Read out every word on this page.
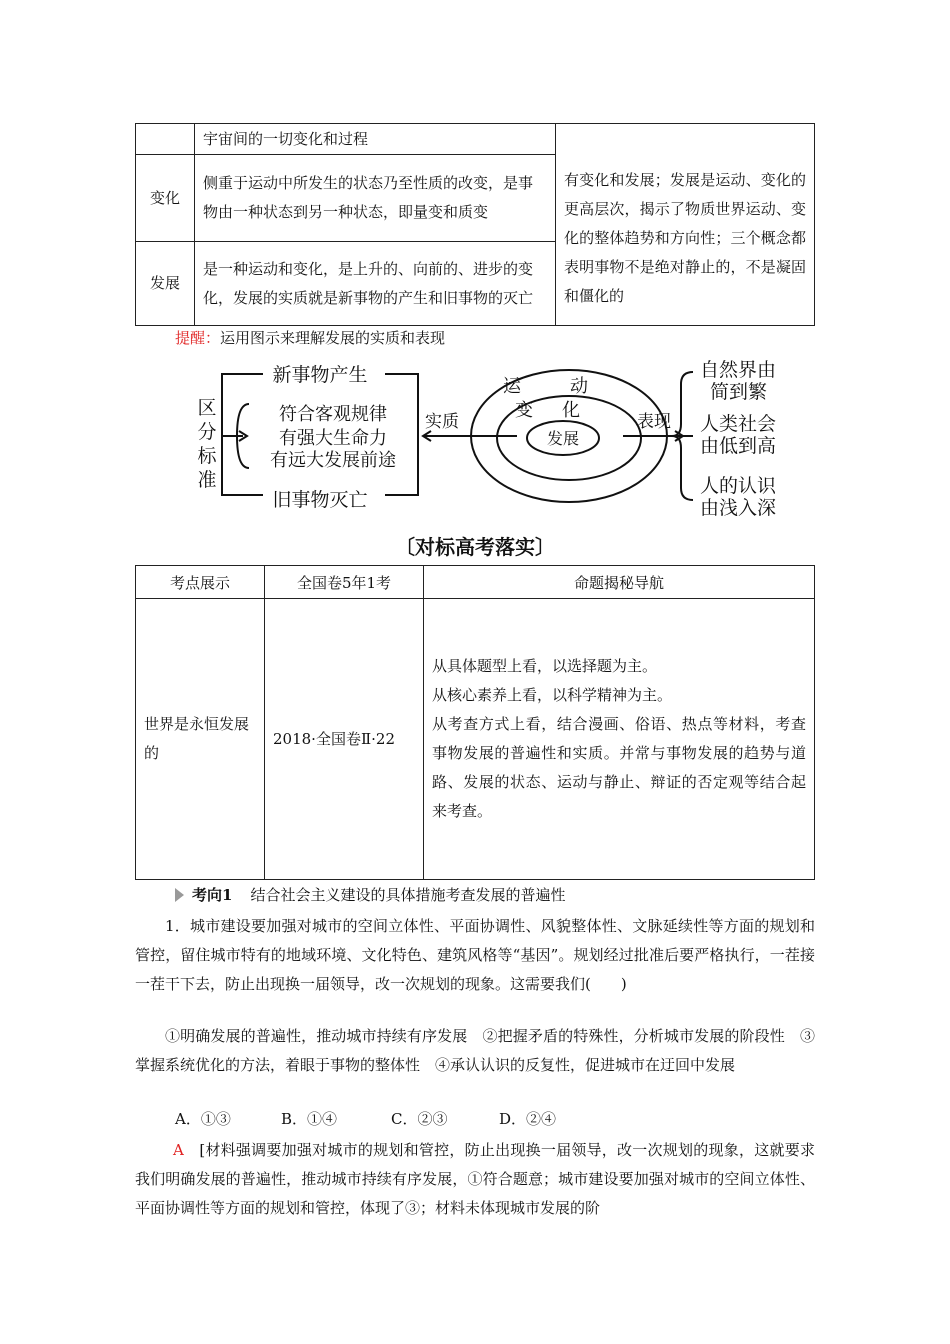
	宇宙间的一切变化和过程	有变化和发展；发展是运动、变化的更高层次，揭示了物质世界运动、变化的整体趋势和方向性；三个概念都表明事物不是绝对静止的，不是凝固和僵化的

变化	侧重于运动中所发生的状态乃至性质的改变，是事物由一种状态到另一种状态，即量变和质变	
发展	是一种运动和变化，是上升的、向前的、进步的变化，发展的实质就是新事物的产生和旧事物的灭亡	
提醒：运用图示来理解发展的实质和表现
区
分
标
准
新事物产生
符合客观规律
有强大生命力
有远大发展前途
旧事物灭亡
实质
运	动
变 化
发展
表现
自然界由
简到繁
人类社会
由低到高
人的认识
由浅入深
〔对标高考落实〕
考点展示	全国卷5年1考	命题揭秘导航
世界是永恒发展的	2018·全国卷Ⅱ·22	从具体题型上看，以选择题为主。
从核心素养上看，以科学精神为主。
从考查方式上看，结合漫画、俗语、热点等材料，考查事物发展的普遍性和实质。并常与事物发展的趋势与道路、发展的状态、运动与静止、辩证的否定观等结合起来考查。
考向1 结合社会主义建设的具体措施考查发展的普遍性
1．城市建设要加强对城市的空间立体性、平面协调性、风貌整体性、文脉延续性等方面的规划和管控，留住城市特有的地域环境、文化特色、建筑风格等“基因”。规划经过批准后要严格执行，一茬接一茬干下去，防止出现换一届领导，改一次规划的现象。这需要我们(　　)
①明确发展的普遍性，推动城市持续有序发展　②把握矛盾的特殊性，分析城市发展的阶段性　③掌握系统优化的方法，着眼于事物的整体性　④承认认识的反复性，促进城市在迂回中发展
A．①③	B．①④	C．②③	D．②④
A　 [材料强调要加强对城市的规划和管控，防止出现换一届领导，改一次规划的现象，这就要求我们明确发展的普遍性，推动城市持续有序发展，①符合题意；城市建设要加强对城市的空间立体性、平面协调性等方面的规划和管控，体现了③；材料未体现城市发展的阶
